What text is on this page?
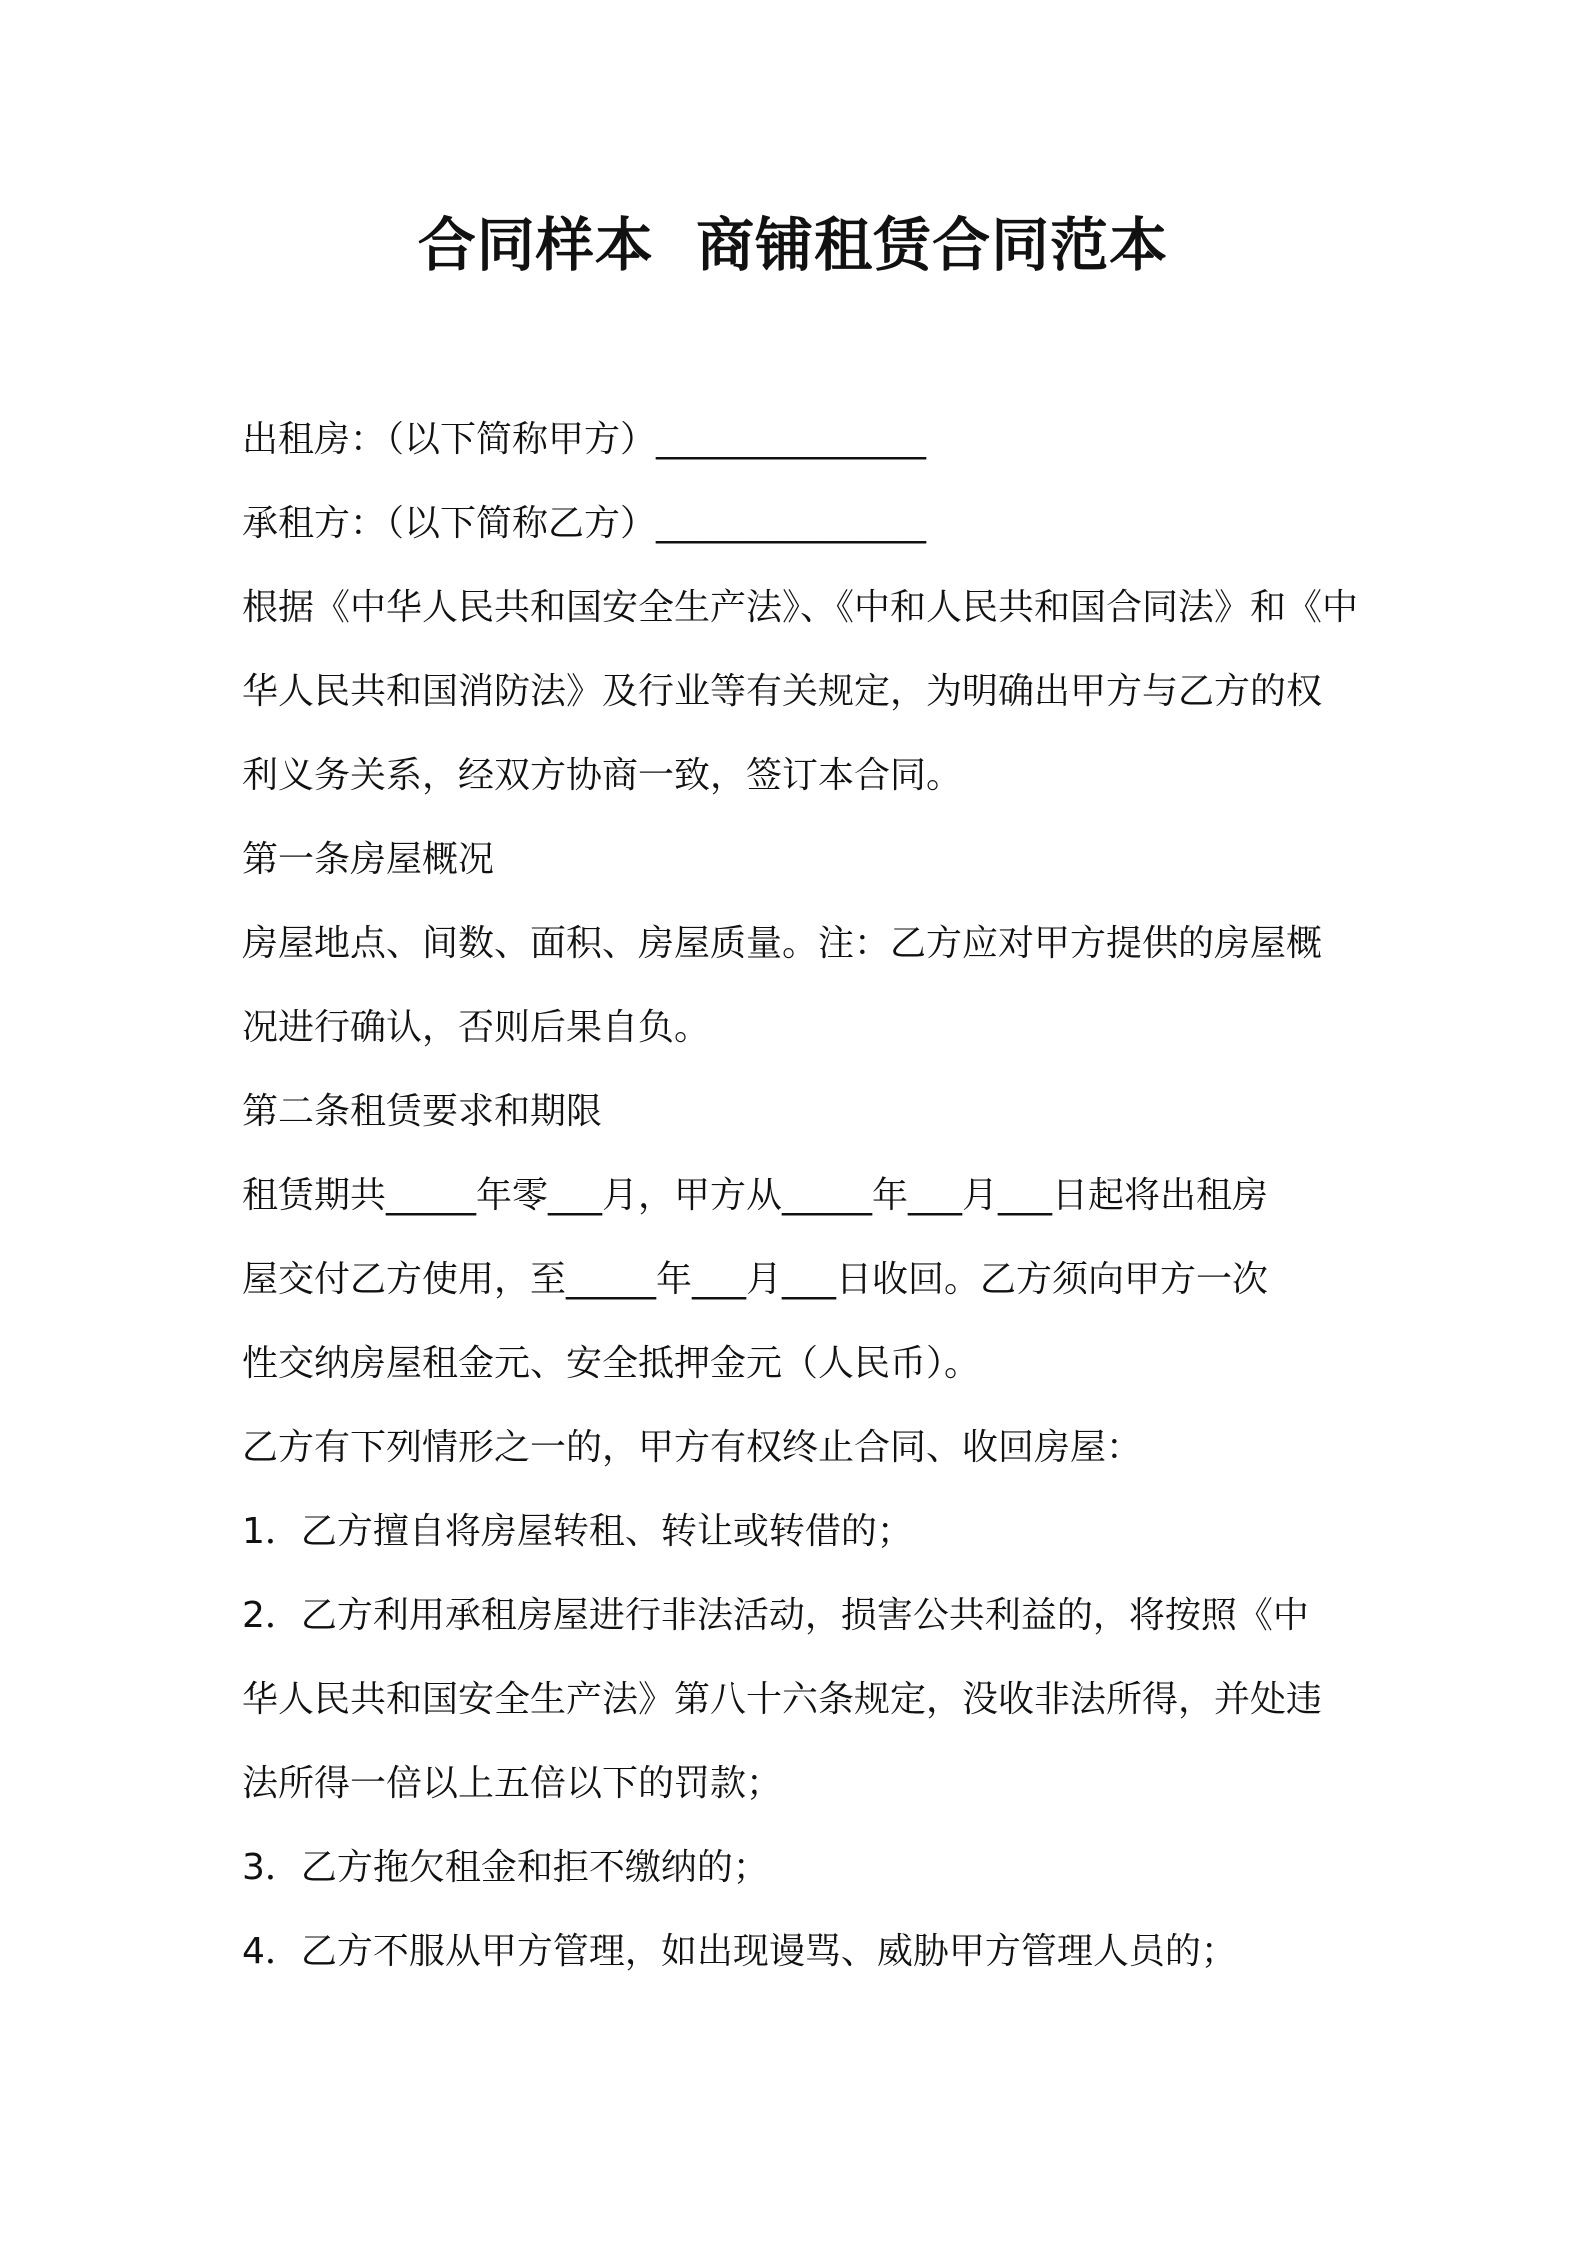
合同样本  商铺租赁合同范本
出租房：（以下简称甲方）_______________
承租方：（以下简称乙方）_______________
根据《中华人民共和国安全生产法》、《中和人民共和国合同法》和《中
华人民共和国消防法》及行业等有关规定，为明确出甲方与乙方的权
利义务关系，经双方协商一致，签订本合同。
第一条房屋概况
房屋地点、间数、面积、房屋质量。注：乙方应对甲方提供的房屋概
况进行确认，否则后果自负。
第二条租赁要求和期限
租赁期共_____年零___月，甲方从_____年___月___日起将出租房
屋交付乙方使用，至_____年___月___日收回。乙方须向甲方一次
性交纳房屋租金元、安全抵押金元（人民币）。
乙方有下列情形之一的，甲方有权终止合同、收回房屋：
1．乙方擅自将房屋转租、转让或转借的；
2．乙方利用承租房屋进行非法活动，损害公共利益的，将按照《中
华人民共和国安全生产法》第八十六条规定，没收非法所得，并处违
法所得一倍以上五倍以下的罚款；
3．乙方拖欠租金和拒不缴纳的；
4．乙方不服从甲方管理，如出现谩骂、威胁甲方管理人员的；
